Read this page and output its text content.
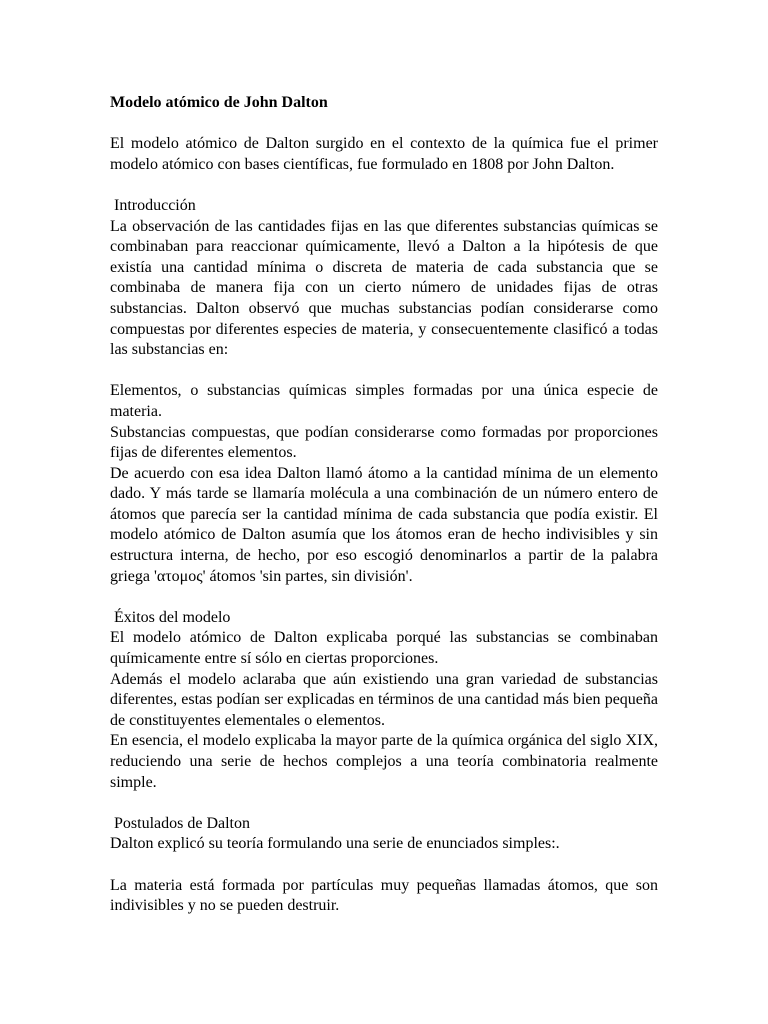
Modelo atómico de John Dalton

El modelo atómico de Dalton surgido en el contexto de la química fue el primer modelo atómico con bases científicas, fue formulado en 1808 por John Dalton.

Introducción

La observación de las cantidades fijas en las que diferentes substancias químicas se combinaban para reaccionar químicamente, llevó a Dalton a la hipótesis de que existía una cantidad mínima o discreta de materia de cada substancia que se combinaba de manera fija con un cierto número de unidades fijas de otras substancias. Dalton observó que muchas substancias podían considerarse como compuestas por diferentes especies de materia, y consecuentemente clasificó a todas las substancias en:

Elementos, o substancias químicas simples formadas por una única especie de materia.

Substancias compuestas, que podían considerarse como formadas por proporciones fijas de diferentes elementos.

De acuerdo con esa idea Dalton llamó átomo a la cantidad mínima de un elemento dado. Y más tarde se llamaría molécula a una combinación de un número entero de átomos que parecía ser la cantidad mínima de cada substancia que podía existir. El modelo atómico de Dalton asumía que los átomos eran de hecho indivisibles y sin estructura interna, de hecho, por eso escogió denominarlos a partir de la palabra griega 'ατομος' átomos 'sin partes, sin división'.

Éxitos del modelo

El modelo atómico de Dalton explicaba porqué las substancias se combinaban químicamente entre sí sólo en ciertas proporciones.

Además el modelo aclaraba que aún existiendo una gran variedad de substancias diferentes, estas podían ser explicadas en términos de una cantidad más bien pequeña de constituyentes elementales o elementos.

En esencia, el modelo explicaba la mayor parte de la química orgánica del siglo XIX, reduciendo una serie de hechos complejos a una teoría combinatoria realmente simple.

Postulados de Dalton

Dalton explicó su teoría formulando una serie de enunciados simples:.

La materia está formada por partículas muy pequeñas llamadas átomos, que son indivisibles y no se pueden destruir.
